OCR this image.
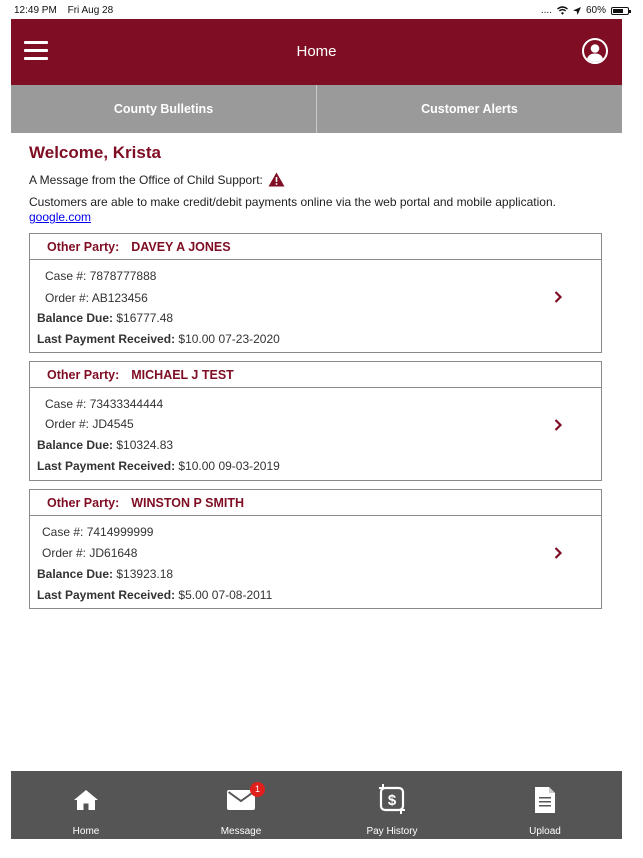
12:49 PM Fri Aug 28	....	60%
Home
County Bulletins	Customer Alerts
Welcome, Krista
A Message from the Office of Child Support:
Customers are able to make credit/debit payments online via the web portal and mobile application.
google.com
Other Party: DAVEY A JONES
Case #: 7878777888
Order #: AB123456
Balance Due: $16777.48
Last Payment Received: $10.00 07-23-2020
Other Party: MICHAEL J TEST
Case #: 73433344444
Order #: JD4545
Balance Due: $10324.83
Last Payment Received: $10.00 09-03-2019
Other Party: WINSTON P SMITH
Case #: 7414999999
Order #: JD61648
Balance Due: $13923.18
Last Payment Received: $5.00 07-08-2011
Home
1
Message
$
Pay History	Upload
